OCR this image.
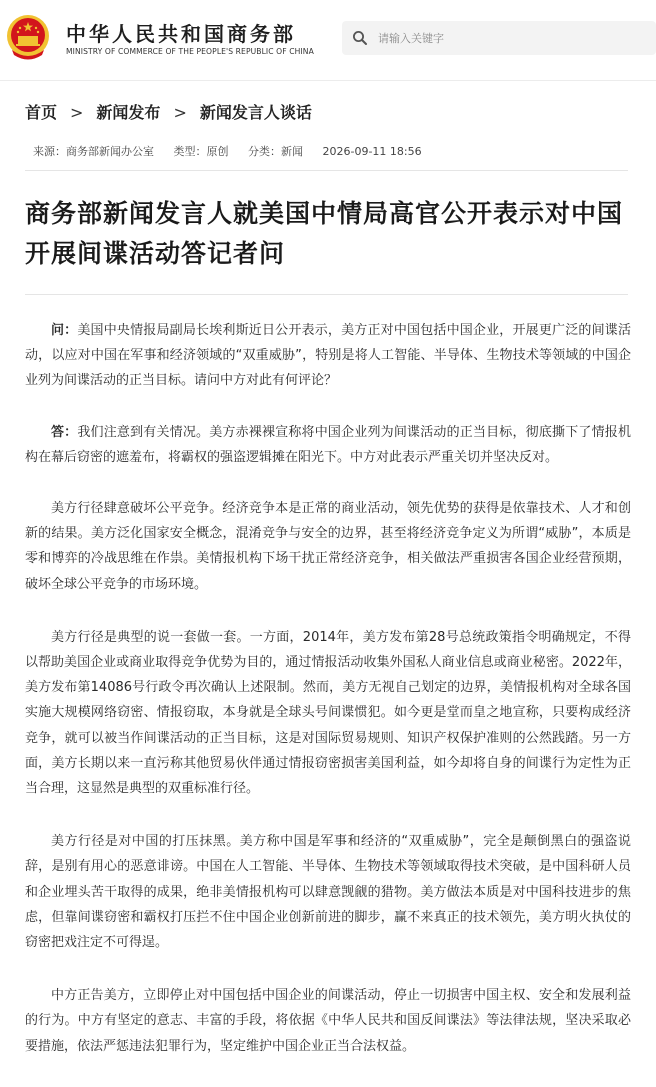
中华人民共和国商务部
MINISTRY OF COMMERCE OF THE PEOPLE'S REPUBLIC OF CHINA
请输入关键字
首页 > 新闻发布 > 新闻发言人谈话
来源：商务部新闻办公室 类型：原创 分类：新闻 2026-09-11 18:56
商务部新闻发言人就美国中情局高官公开表示对中国开展间谍活动答记者问

问：美国中央情报局副局长埃利斯近日公开表示，美方正对中国包括中国企业，开展更广泛的间谍活动，以应对中国在军事和经济领域的“双重威胁”，特别是将人工智能、半导体、生物技术等领域的中国企业列为间谍活动的正当目标。请问中方对此有何评论？

答：我们注意到有关情况。美方赤裸裸宣称将中国企业列为间谍活动的正当目标，彻底撕下了情报机构在幕后窃密的遮羞布，将霸权的强盗逻辑摊在阳光下。中方对此表示严重关切并坚决反对。

美方行径肆意破坏公平竞争。经济竞争本是正常的商业活动，领先优势的获得是依靠技术、人才和创新的结果。美方泛化国家安全概念，混淆竞争与安全的边界，甚至将经济竞争定义为所谓“威胁”，本质是零和博弈的冷战思维在作祟。美情报机构下场干扰正常经济竞争，相关做法严重损害各国企业经营预期，破坏全球公平竞争的市场环境。

美方行径是典型的说一套做一套。一方面，2014年，美方发布第28号总统政策指令明确规定，不得以帮助美国企业或商业取得竞争优势为目的，通过情报活动收集外国私人商业信息或商业秘密。2022年，美方发布第14086号行政令再次确认上述限制。然而，美方无视自己划定的边界，美情报机构对全球各国实施大规模网络窃密、情报窃取，本身就是全球头号间谍惯犯。如今更是堂而皇之地宣称，只要构成经济竞争，就可以被当作间谍活动的正当目标，这是对国际贸易规则、知识产权保护准则的公然践踏。另一方面，美方长期以来一直污称其他贸易伙伴通过情报窃密损害美国利益，如今却将自身的间谍行为定性为正当合理，这显然是典型的双重标准行径。

美方行径是对中国的打压抹黑。美方称中国是军事和经济的“双重威胁”，完全是颠倒黑白的强盗说辞，是别有用心的恶意诽谤。中国在人工智能、半导体、生物技术等领域取得技术突破，是中国科研人员和企业埋头苦干取得的成果，绝非美情报机构可以肆意觊觎的猎物。美方做法本质是对中国科技进步的焦虑，但靠间谍窃密和霸权打压拦不住中国企业创新前进的脚步，赢不来真正的技术领先，美方明火执仗的窃密把戏注定不可得逞。

中方正告美方，立即停止对中国包括中国企业的间谍活动，停止一切损害中国主权、安全和发展利益的行为。中方有坚定的意志、丰富的手段，将依据《中华人民共和国反间谍法》等法律法规，坚决采取必要措施，依法严惩违法犯罪行为，坚定维护中国企业正当合法权益。
